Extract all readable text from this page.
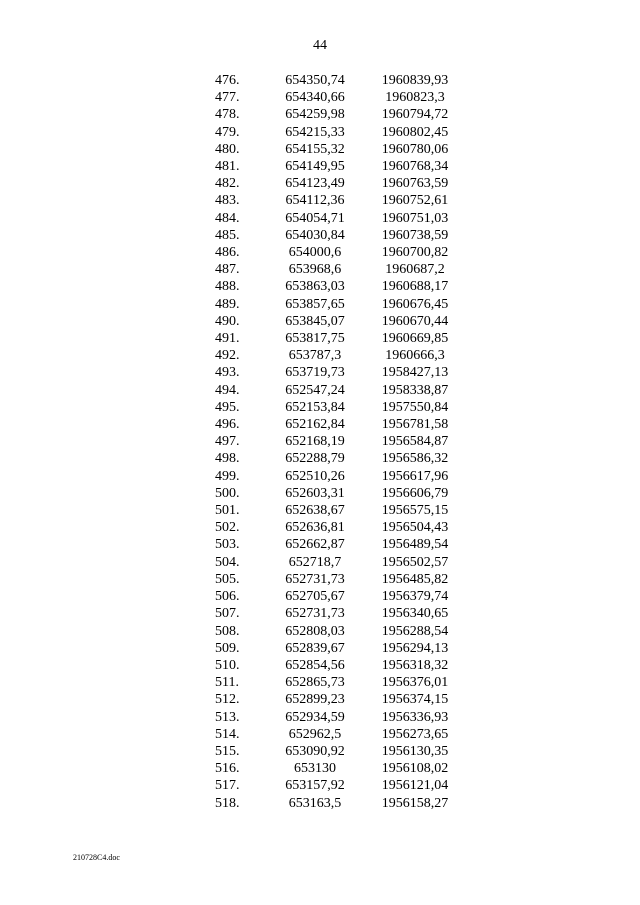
44
476.	654350,74	1960839,93
477.	654340,66	1960823,3
478.	654259,98	1960794,72
479.	654215,33	1960802,45
480.	654155,32	1960780,06
481.	654149,95	1960768,34
482.	654123,49	1960763,59
483.	654112,36	1960752,61
484.	654054,71	1960751,03
485.	654030,84	1960738,59
486.	654000,6	1960700,82
487.	653968,6	1960687,2
488.	653863,03	1960688,17
489.	653857,65	1960676,45
490.	653845,07	1960670,44
491.	653817,75	1960669,85
492.	653787,3	1960666,3
493.	653719,73	1958427,13
494.	652547,24	1958338,87
495.	652153,84	1957550,84
496.	652162,84	1956781,58
497.	652168,19	1956584,87
498.	652288,79	1956586,32
499.	652510,26	1956617,96
500.	652603,31	1956606,79
501.	652638,67	1956575,15
502.	652636,81	1956504,43
503.	652662,87	1956489,54
504.	652718,7	1956502,57
505.	652731,73	1956485,82
506.	652705,67	1956379,74
507.	652731,73	1956340,65
508.	652808,03	1956288,54
509.	652839,67	1956294,13
510.	652854,56	1956318,32
511.	652865,73	1956376,01
512.	652899,23	1956374,15
513.	652934,59	1956336,93
514.	652962,5	1956273,65
515.	653090,92	1956130,35
516.	653130	1956108,02
517.	653157,92	1956121,04
518.	653163,5	1956158,27
210728C4.doc
